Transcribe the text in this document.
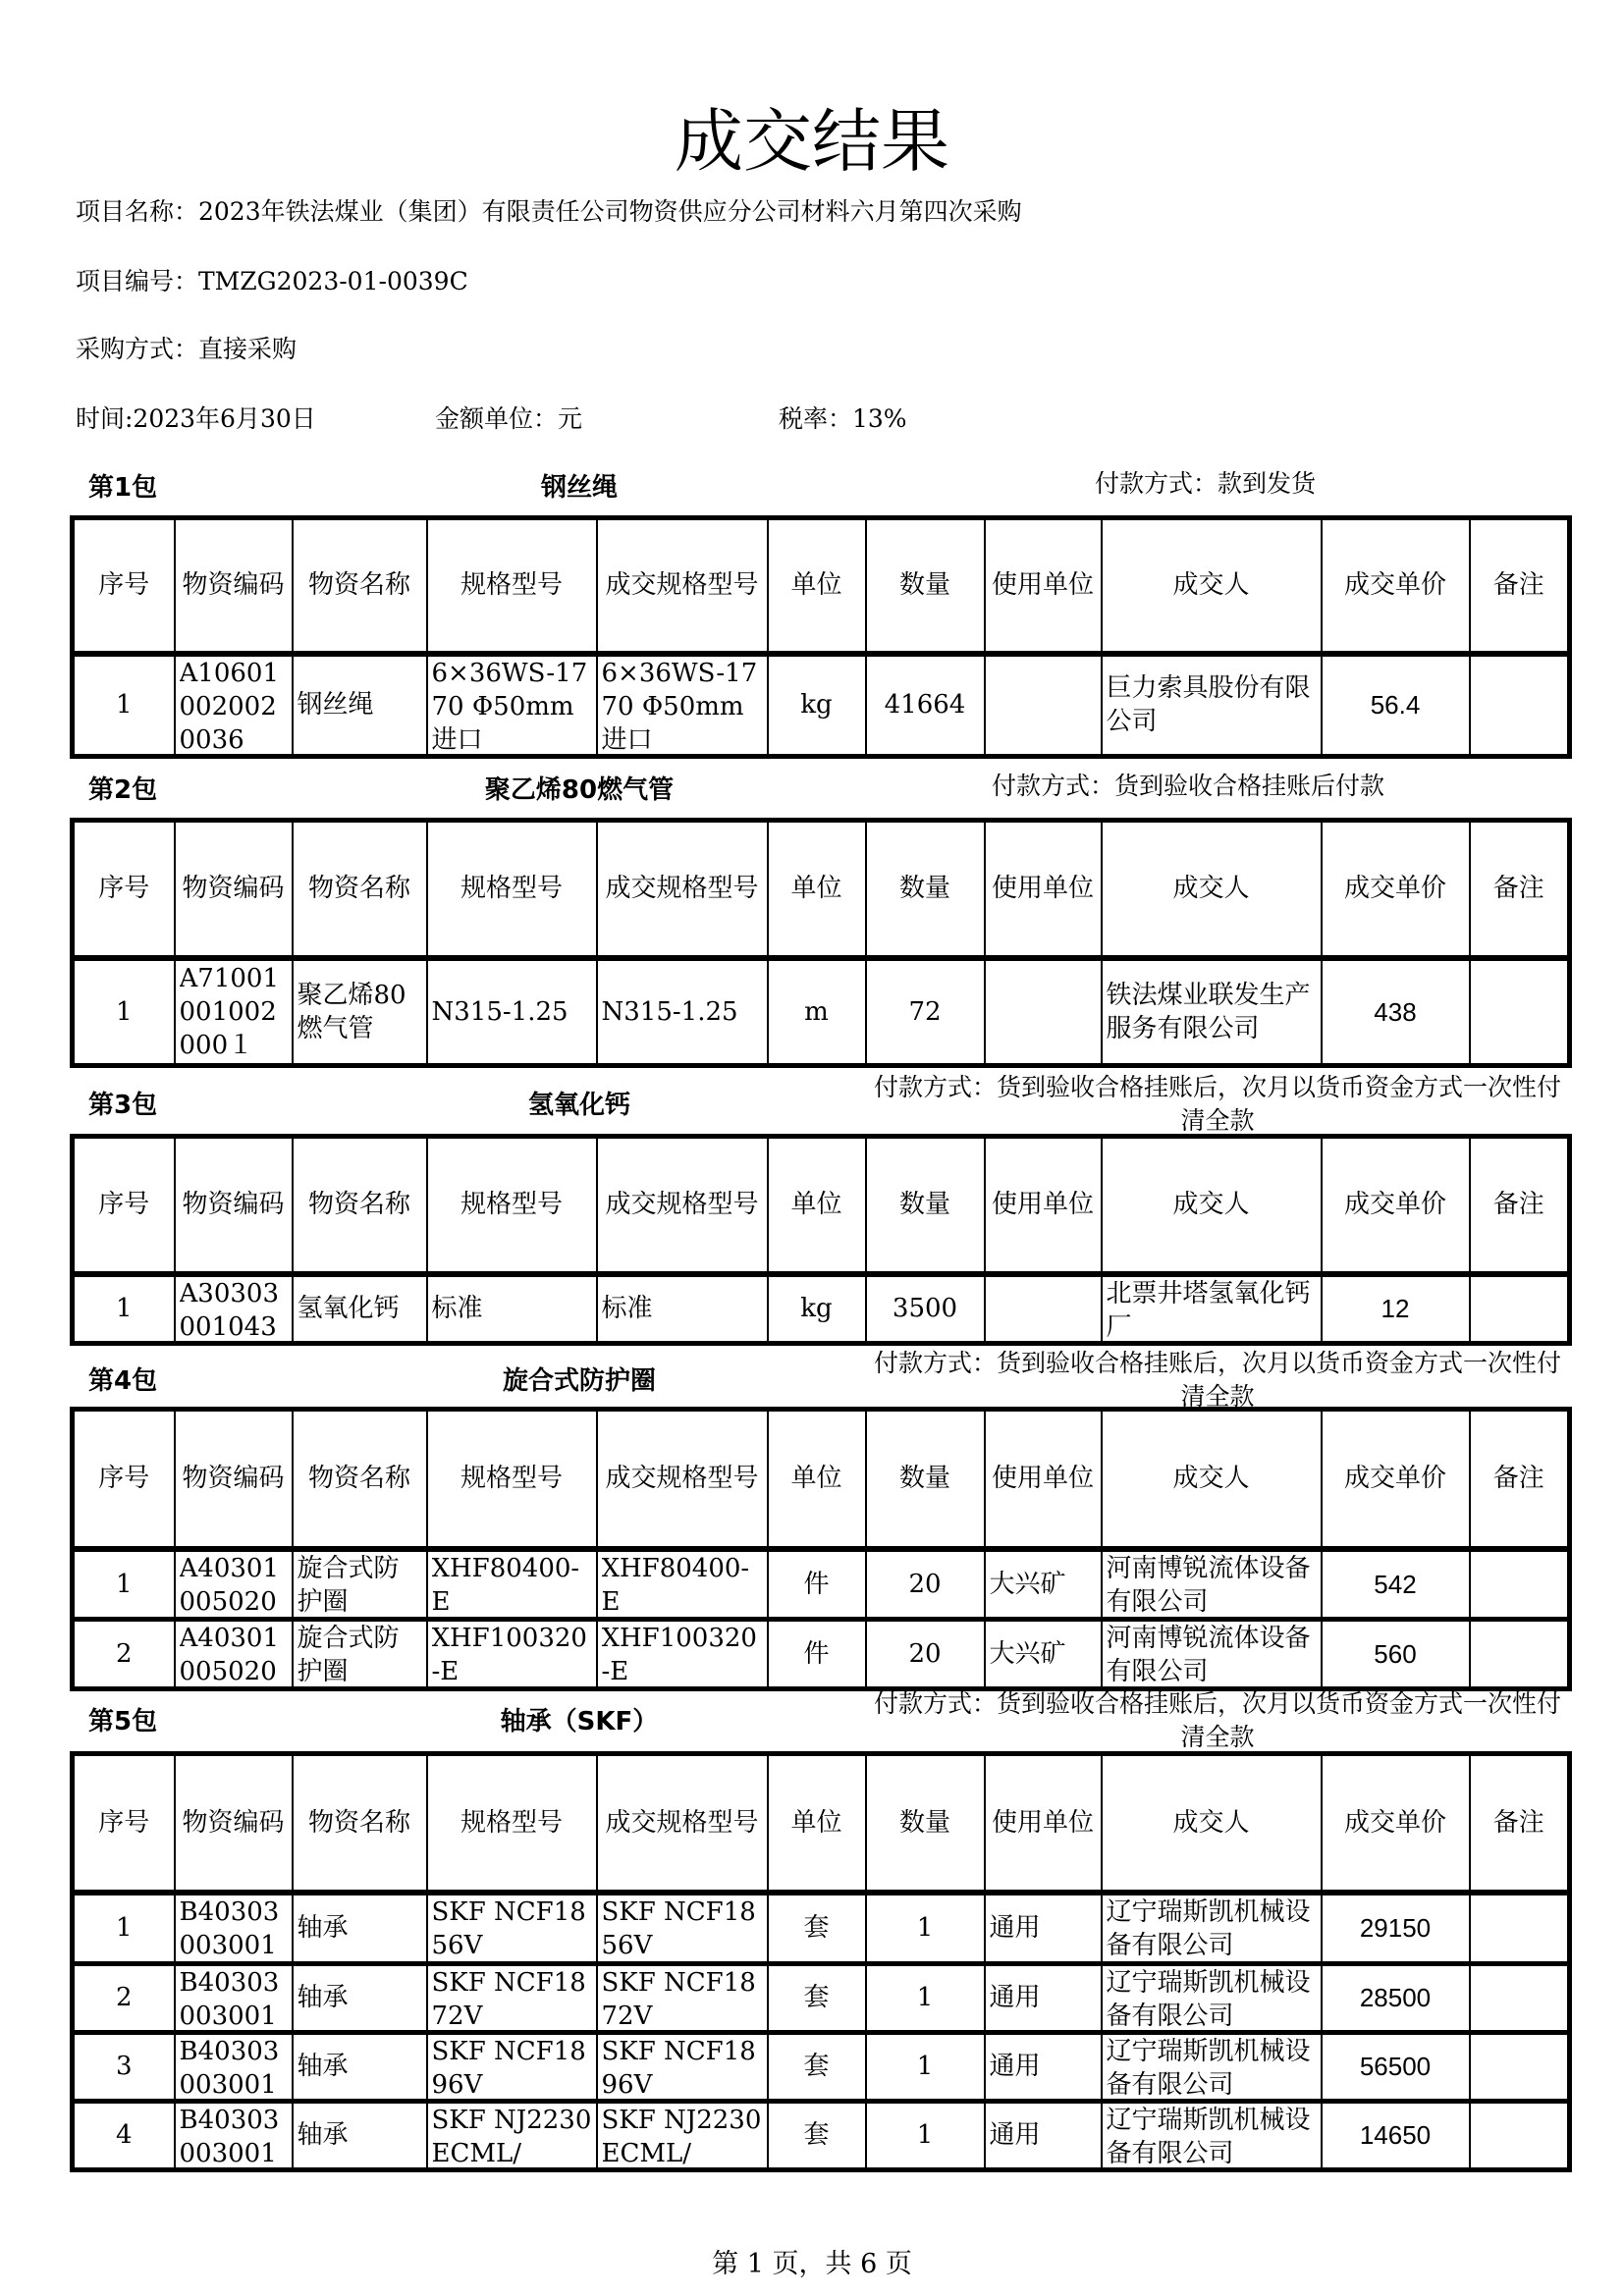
成交结果
项目名称：2023年铁法煤业（集团）有限责任公司物资供应分公司材料六月第四次采购
项目编号：TMZG2023-01-0039C
采购方式：直接采购
时间:2023年6月30日	金额单位：元	税率：13%
序号	物资编码	物资名称	规格型号	成交规格型号	单位	数量	使用单位	成交人	成交单价	备注

1	A106010020020036	钢丝绳	6×36WS-1770 Φ50mm进口	6×36WS-1770 Φ50mm进口	kg	41664		巨力索具股份有限公司	56.4	

序号	物资编码	物资名称	规格型号	成交规格型号	单位	数量	使用单位	成交人	成交单价	备注

1	A71001001002000１	聚乙烯80燃气管	N315-1.25	N315-1.25	m	72		铁法煤业联发生产服务有限公司	438	

序号	物资编码	物资名称	规格型号	成交规格型号	单位	数量	使用单位	成交人	成交单价	备注

1	A30303001043	氢氧化钙	标准	标准	kg	3500		北票井塔氢氧化钙厂	12	

序号	物资编码	物资名称	规格型号	成交规格型号	单位	数量	使用单位	成交人	成交单价	备注

1	A40301005020	旋合式防护圈	XHF80400-E	XHF80400-E	件	20	大兴矿	河南博锐流体设备有限公司	542	

2	A40301005020	旋合式防护圈	XHF100320-E	XHF100320-E	件	20	大兴矿	河南博锐流体设备有限公司	560	

序号	物资编码	物资名称	规格型号	成交规格型号	单位	数量	使用单位	成交人	成交单价	备注

1	B40303003001	轴承	SKF NCF1856V	SKF NCF1856V	套	1	通用	辽宁瑞斯凯机械设备有限公司	29150	

2	B40303003001	轴承	SKF NCF1872V	SKF NCF1872V	套	1	通用	辽宁瑞斯凯机械设备有限公司	28500	

3	B40303003001	轴承	SKF NCF1896V	SKF NCF1896V	套	1	通用	辽宁瑞斯凯机械设备有限公司	56500	

4	B40303003001	轴承	SKF NJ2230ECML/	SKF NJ2230ECML/	套	1	通用	辽宁瑞斯凯机械设备有限公司	14650	

第 1 页，共 6 页
第1包	钢丝绳	付款方式：款到发货
第2包	聚乙烯80燃气管	付款方式：货到验收合格挂账后付款
第3包	氢氧化钙
付款方式：货到验收合格挂账后，次月以货币资金方式一次性付清全款
第4包	旋合式防护圈
付款方式：货到验收合格挂账后，次月以货币资金方式一次性付清全款
第5包	轴承（SKF）
付款方式：货到验收合格挂账后，次月以货币资金方式一次性付清全款
